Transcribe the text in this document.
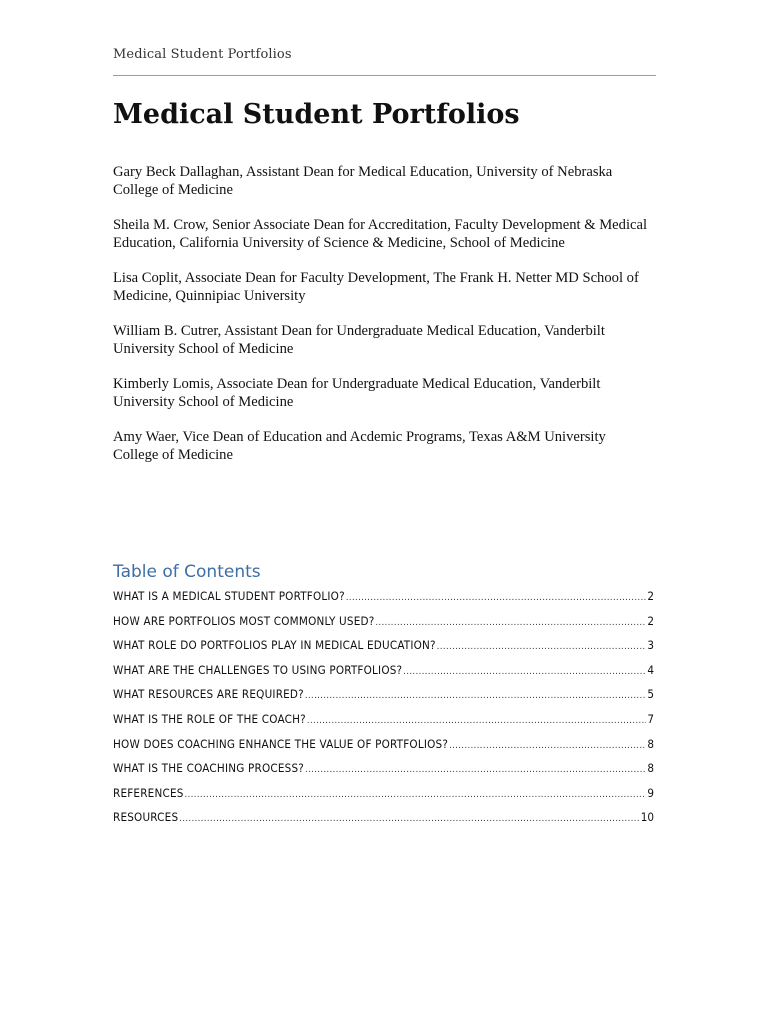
Medical Student Portfolios
Medical Student Portfolios

Gary Beck Dallaghan, Assistant Dean for Medical Education, University of Nebraska College of Medicine

Sheila M. Crow, Senior Associate Dean for Accreditation, Faculty Development & Medical Education, California University of Science & Medicine, School of Medicine

Lisa Coplit, Associate Dean for Faculty Development, The Frank H. Netter MD School of Medicine, Quinnipiac University

William B. Cutrer, Assistant Dean for Undergraduate Medical Education, Vanderbilt University School of Medicine

Kimberly Lomis, Associate Dean for Undergraduate Medical Education, Vanderbilt University School of Medicine

Amy Waer, Vice Dean of Education and Acdemic Programs, Texas A&M University College of Medicine

Table of Contents
WHAT IS A MEDICAL STUDENT PORTFOLIO? .....	2
HOW ARE PORTFOLIOS MOST COMMONLY USED? .....	2
WHAT ROLE DO PORTFOLIOS PLAY IN MEDICAL EDUCATION? .....	3
WHAT ARE THE CHALLENGES TO USING PORTFOLIOS? .....	4
WHAT RESOURCES ARE REQUIRED? .....	5
WHAT IS THE ROLE OF THE COACH? .....	7
HOW DOES COACHING ENHANCE THE VALUE OF PORTFOLIOS? .....	8
WHAT IS THE COACHING PROCESS? .....	8
REFERENCES .....	9
RESOURCES .....	10
